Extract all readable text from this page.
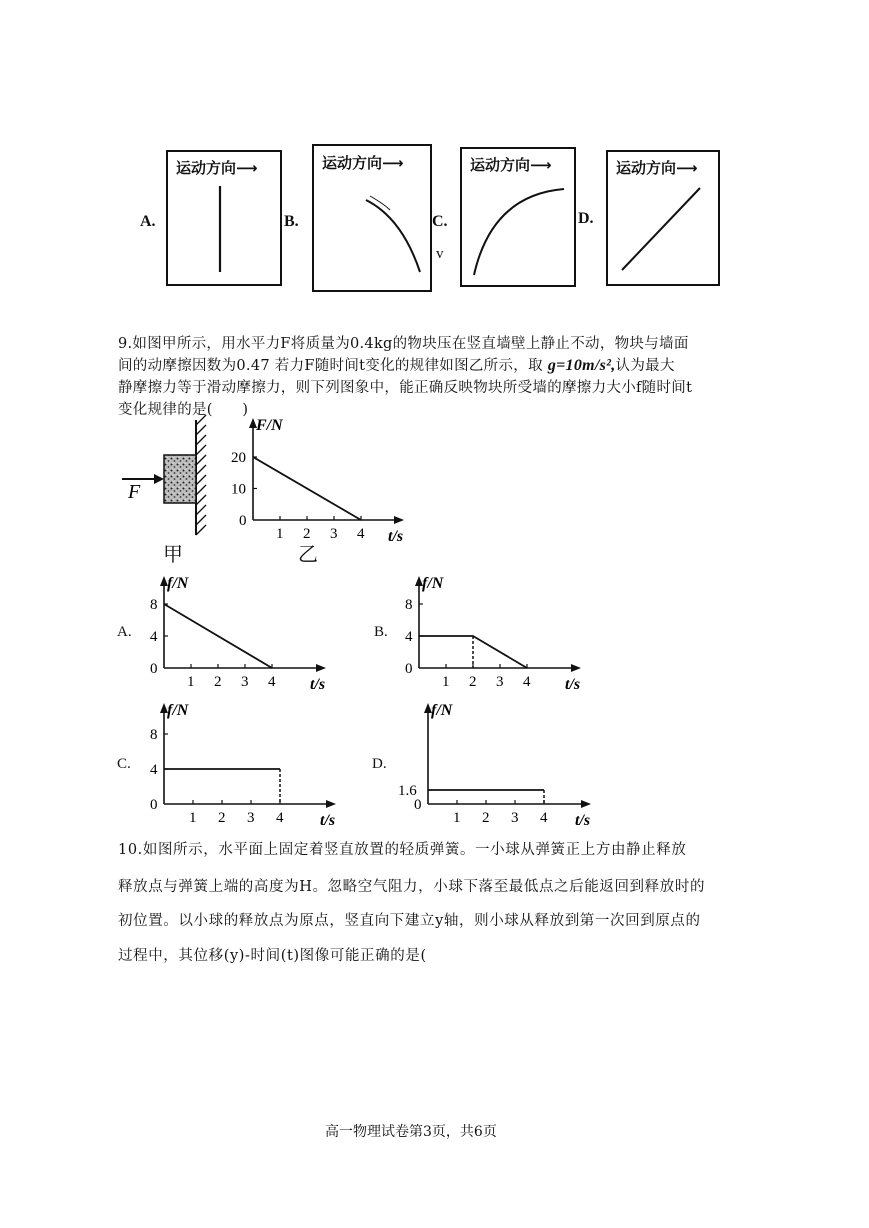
A.
运动方向⟶
B.
运动方向⟶
C.
v
运动方向⟶
D.
运动方向⟶
9.如图甲所示，用水平力F将质量为0.4kg的物块压在竖直墙壁上静止不动，物块与墙面
间的动摩擦因数为0.47 若力F随时间t变化的规律如图乙所示，取 g=10m/s²,认为最大
静摩擦力等于滑动摩擦力，则下列图象中，能正确反映物块所受墙的摩擦力大小f随时间t
变化规律的是(　　)
F
甲	乙
F/N
t/s
1 2 3 4
0
10
20
A.
f/N
t/s
1 2 3 4
0
4
8
B.
f/N
t/s
1 2 3 4
0
4
8
C.
f/N
t/s
1 2 3 4
0
4
8
D.
f/N
t/s
1 2 3 4
0
1.6
10.如图所示，水平面上固定着竖直放置的轻质弹簧。一小球从弹簧正上方由静止释放
释放点与弹簧上端的高度为H。忽略空气阻力，小球下落至最低点之后能返回到释放时的
初位置。以小球的释放点为原点，竖直向下建立y轴，则小球从释放到第一次回到原点的
过程中，其位移(y)-时间(t)图像可能正确的是(
高一物理试卷第3页，共6页
